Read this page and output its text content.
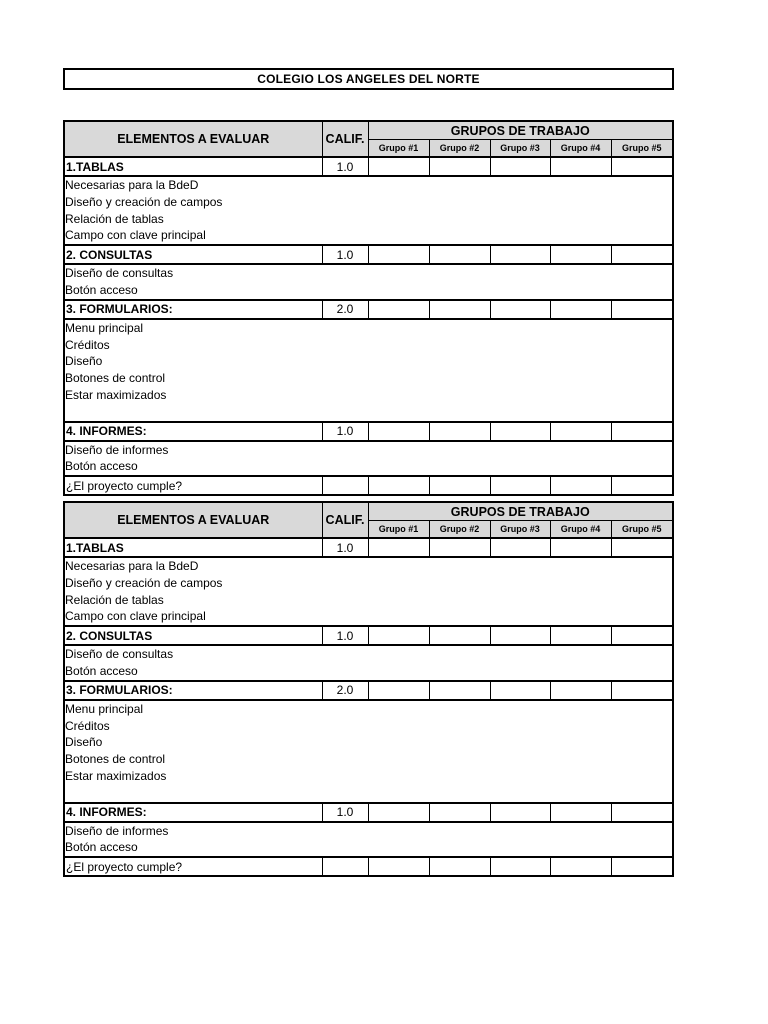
COLEGIO LOS ANGELES DEL NORTE
ELEMENTOS A EVALUAR	CALIF.	GRUPOS DE TRABAJO				
		Grupo #1	Grupo #2	Grupo #3	Grupo #4	Grupo #5
1.TABLAS	1.0					

Necesarias para la BdeD
Diseño y creación de campos
Relación de tablas
Campo con clave principal						

2. CONSULTAS	1.0					

Diseño de consultas
Botón acceso						

3. FORMULARIOS:	2.0					

Menu principal
Créditos
Diseño
Botones de control
Estar maximizados						

4. INFORMES:	1.0					

Diseño de informes
Botón acceso						

¿El proyecto cumple?						
ELEMENTOS A EVALUAR	CALIF.	GRUPOS DE TRABAJO				
		Grupo #1	Grupo #2	Grupo #3	Grupo #4	Grupo #5
1.TABLAS	1.0					

Necesarias para la BdeD
Diseño y creación de campos
Relación de tablas
Campo con clave principal						

2. CONSULTAS	1.0					

Diseño de consultas
Botón acceso						

3. FORMULARIOS:	2.0					

Menu principal
Créditos
Diseño
Botones de control
Estar maximizados						

4. INFORMES:	1.0					

Diseño de informes
Botón acceso						

¿El proyecto cumple?						
